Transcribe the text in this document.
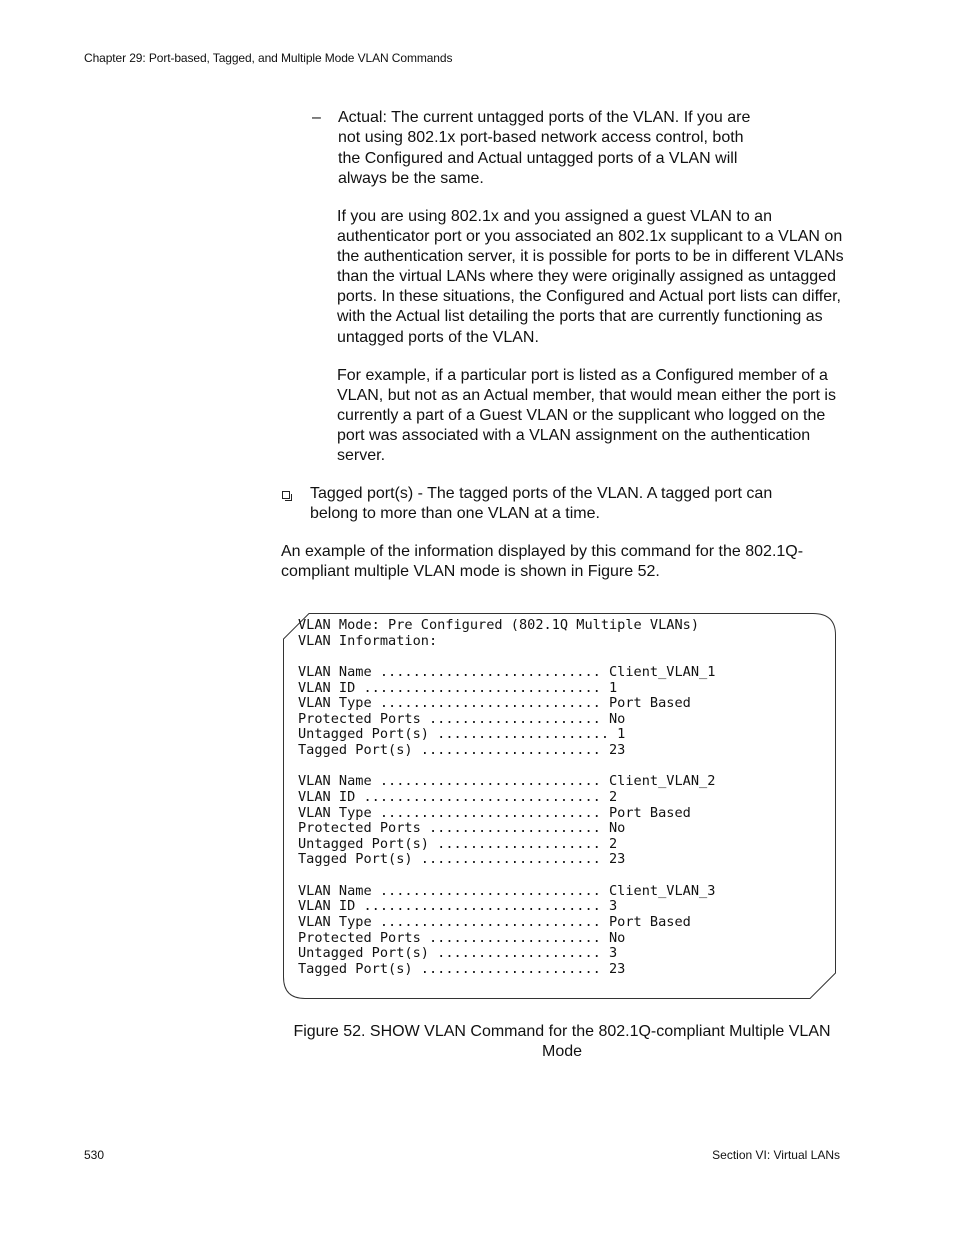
Chapter 29: Port-based, Tagged, and Multiple Mode VLAN Commands
– Actual: The current untagged ports of the VLAN. If you are not using 802.1x port-based network access control, both the Configured and Actual untagged ports of a VLAN will always be the same.
If you are using 802.1x and you assigned a guest VLAN to an authenticator port or you associated an 802.1x supplicant to a VLAN on the authentication server, it is possible for ports to be in different VLANs than the virtual LANs where they were originally assigned as untagged ports. In these situations, the Configured and Actual port lists can differ, with the Actual list detailing the ports that are currently functioning as untagged ports of the VLAN.
For example, if a particular port is listed as a Configured member of a VLAN, but not as an Actual member, that would mean either the port is currently a part of a Guest VLAN or the supplicant who logged on the port was associated with a VLAN assignment on the authentication server.
Tagged port(s) - The tagged ports of the VLAN. A tagged port can belong to more than one VLAN at a time.
An example of the information displayed by this command for the 802.1Q-compliant multiple VLAN mode is shown in Figure 52.
VLAN Mode: Pre Configured (802.1Q Multiple VLANs)
VLAN Information:

VLAN Name ........................... Client_VLAN_1
VLAN ID ............................. 1
VLAN Type ........................... Port Based
Protected Ports ..................... No
Untagged Port(s) ..................... 1
Tagged Port(s) ...................... 23

VLAN Name ........................... Client_VLAN_2
VLAN ID ............................. 2
VLAN Type ........................... Port Based
Protected Ports ..................... No
Untagged Port(s) .................... 2
Tagged Port(s) ...................... 23

VLAN Name ........................... Client_VLAN_3
VLAN ID ............................. 3
VLAN Type ........................... Port Based
Protected Ports ..................... No
Untagged Port(s) .................... 3
Tagged Port(s) ...................... 23
Figure 52. SHOW VLAN Command for the 802.1Q-compliant Multiple VLAN Mode
530	Section VI: Virtual LANs
